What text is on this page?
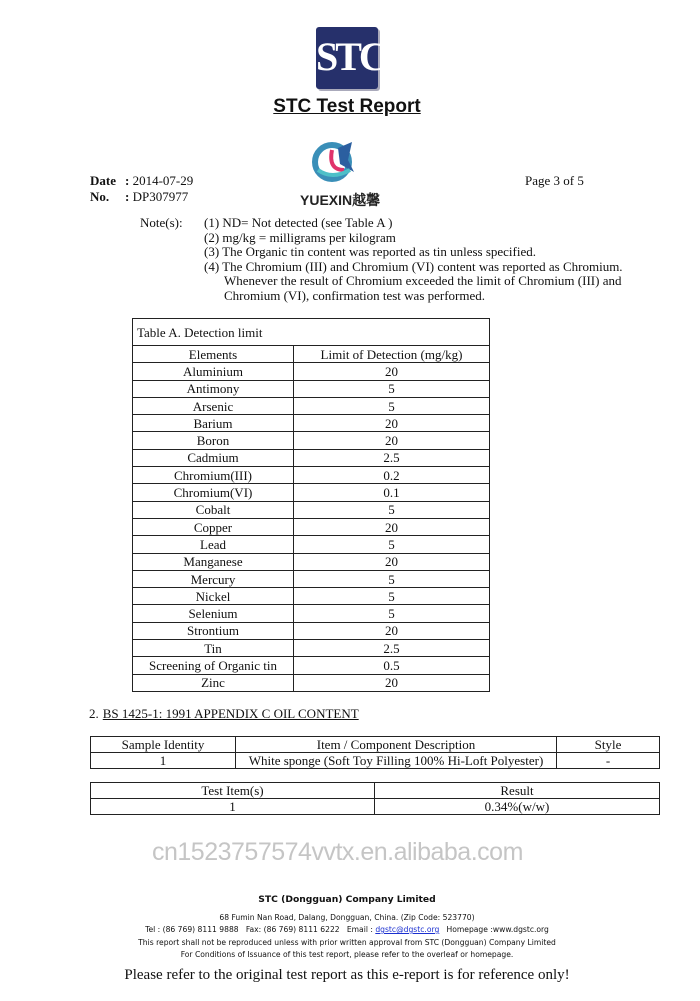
STC
STC Test Report
YUEXIN越馨
Date : 2014-07-29
No. : DP307977
Page 3 of 5
Note(s): (1) ND= Not detected (see Table A )
(2) mg/kg = milligrams per kilogram
(3) The Organic tin content was reported as tin unless specified.
(4) The Chromium (III) and Chromium (VI) content was reported as Chromium.
Whenever the result of Chromium exceeded the limit of Chromium (III) and
Chromium (VI), confirmation test was performed.
Table A. Detection limit	
Elements	Limit of Detection (mg/kg)
Aluminium	20
Antimony	5
Arsenic	5
Barium	20
Boron	20
Cadmium	2.5
Chromium(III)	0.2
Chromium(VI)	0.1
Cobalt	5
Copper	20
Lead	5
Manganese	20
Mercury	5
Nickel	5
Selenium	5
Strontium	20
Tin	2.5
Screening of Organic tin	0.5
Zinc	20
2. BS 1425-1: 1991 APPENDIX C OIL CONTENT
Sample Identity	Item / Component Description	Style
1	White sponge (Soft Toy Filling 100% Hi-Loft Polyester)	-
Test Item(s)	Result
1	0.34%(w/w)
cn1523757574vvtx.en.alibaba.com
STC (Dongguan) Company Limited
68 Fumin Nan Road, Dalang, Dongguan, China. (Zip Code: 523770)
Tel : (86 769) 8111 9888   Fax: (86 769) 8111 6222   Email : dgstc@dgstc.org   Homepage :www.dgstc.org
This report shall not be reproduced unless with prior written approval from STC (Dongguan) Company Limited
For Conditions of Issuance of this test report, please refer to the overleaf or homepage.
Please refer to the original test report as this e-report is for reference only!
